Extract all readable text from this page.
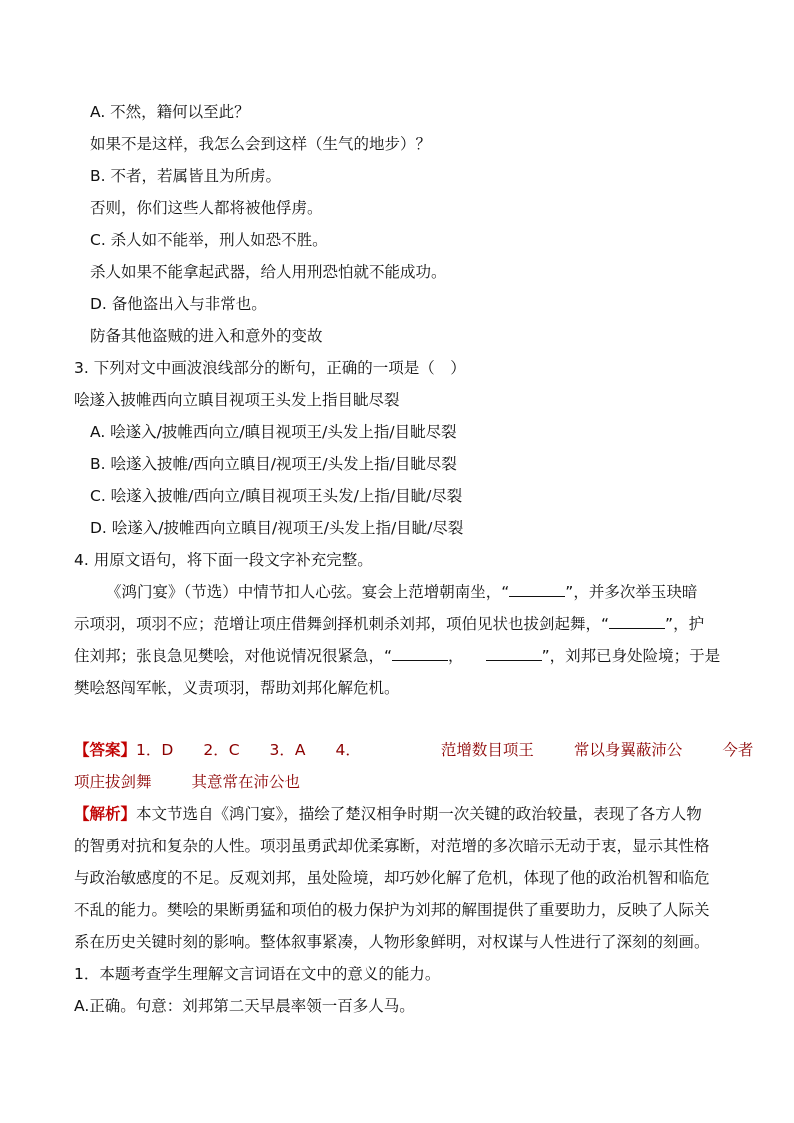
A. 不然，籍何以至此？
如果不是这样，我怎么会到这样（生气的地步）？
B. 不者，若属皆且为所虏。
否则，你们这些人都将被他俘虏。
C. 杀人如不能举，刑人如恐不胜。
杀人如果不能拿起武器，给人用刑恐怕就不能成功。
D. 备他盗出入与非常也。
防备其他盗贼的进入和意外的变故
3. 下列对文中画波浪线部分的断句，正确的一项是（　）
哙遂入披帷西向立瞋目视项王头发上指目眦尽裂
A. 哙遂入/披帷西向立/瞋目视项王/头发上指/目眦尽裂
B. 哙遂入披帷/西向立瞋目/视项王/头发上指/目眦尽裂
C. 哙遂入披帷/西向立/瞋目视项王头发/上指/目眦/尽裂
D. 哙遂入/披帷西向立瞋目/视项王/头发上指/目眦/尽裂
4. 用原文语句，将下面一段文字补充完整。
《鸿门宴》（节选）中情节扣人心弦。宴会上范增朝南坐，“	”，并多次举玉玦暗
示项羽，项羽不应；范增让项庄借舞剑择机刺杀刘邦，项伯见状也拔剑起舞，“	”，护
住刘邦；张良急见樊哙，对他说情况很紧急，“	，	”，刘邦已身处险境；于是
樊哙怒闯军帐，义责项羽，帮助刘邦化解危机。
【答案】1．D 2．C 3．A 4．	范增数目项王	常以身翼蔽沛公	今者
项庄拔剑舞	其意常在沛公也
【解析】本文节选自《鸿门宴》，描绘了楚汉相争时期一次关键的政治较量，表现了各方人物
的智勇对抗和复杂的人性。项羽虽勇武却优柔寡断，对范增的多次暗示无动于衷，显示其性格
与政治敏感度的不足。反观刘邦，虽处险境，却巧妙化解了危机，体现了他的政治机智和临危
不乱的能力。樊哙的果断勇猛和项伯的极力保护为刘邦的解围提供了重要助力，反映了人际关
系在历史关键时刻的影响。整体叙事紧凑，人物形象鲜明，对权谋与人性进行了深刻的刻画。
1．本题考查学生理解文言词语在文中的意义的能力。
A.正确。句意：刘邦第二天早晨率领一百多人马。
